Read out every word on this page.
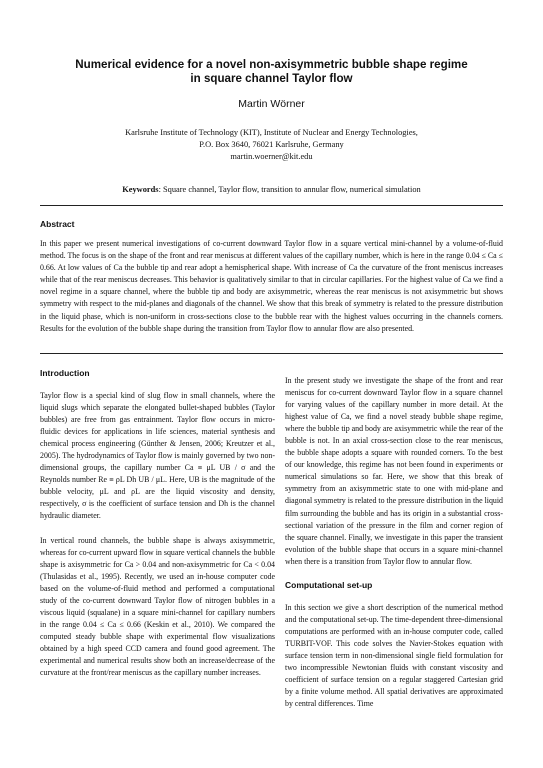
Numerical evidence for a novel non-axisymmetric bubble shape regime
in square channel Taylor flow
Martin Wörner
Karlsruhe Institute of Technology (KIT), Institute of Nuclear and Energy Technologies,
P.O. Box 3640, 76021 Karlsruhe, Germany
martin.woerner@kit.edu
Keywords: Square channel, Taylor flow, transition to annular flow, numerical simulation
Abstract

In this paper we present numerical investigations of co-current downward Taylor flow in a square vertical mini-channel by a volume-of-fluid method. The focus is on the shape of the front and rear meniscus at different values of the capillary number, which is here in the range 0.04 ≤ Ca ≤ 0.66. At low values of Ca the bubble tip and rear adopt a hemispherical shape. With increase of Ca the curvature of the front meniscus increases while that of the rear meniscus decreases. This behavior is qualitatively similar to that in circular capillaries. For the highest value of Ca we find a novel regime in a square channel, where the bubble tip and body are axisymmetric, whereas the rear meniscus is not axisymmetric but shows symmetry with respect to the mid-planes and diagonals of the channel. We show that this break of symmetry is related to the pressure distribution in the liquid phase, which is non-uniform in cross-sections close to the bubble rear with the highest values occurring in the channels corners. Results for the evolution of the bubble shape during the transition from Taylor flow to annular flow are also presented.

Introduction

Taylor flow is a special kind of slug flow in small channels, where the liquid slugs which separate the elongated bullet-shaped bubbles (Taylor bubbles) are free from gas entrainment. Taylor flow occurs in micro-fluidic devices for applications in life sciences, material synthesis and chemical process engineering (Günther & Jensen, 2006; Kreutzer et al., 2005). The hydrodynamics of Taylor flow is mainly governed by two non-dimensional groups, the capillary number Ca ≡ μL UB / σ and the Reynolds number Re ≡ ρL Dh UB / μL. Here, UB is the magnitude of the bubble velocity, μL and ρL are the liquid viscosity and density, respectively, σ is the coefficient of surface tension and Dh is the channel hydraulic diameter.

In vertical round channels, the bubble shape is always axisymmetric, whereas for co-current upward flow in square vertical channels the bubble shape is axisymmetric for Ca > 0.04 and non-axisymmetric for Ca < 0.04 (Thulasidas et al., 1995). Recently, we used an in-house computer code based on the volume-of-fluid method and performed a computational study of the co-current downward Taylor flow of nitrogen bubbles in a viscous liquid (squalane) in a square mini-channel for capillary numbers in the range 0.04 ≤ Ca ≤ 0.66 (Keskin et al., 2010). We compared the computed steady bubble shape with experimental flow visualizations obtained by a high speed CCD camera and found good agreement. The experimental and numerical results show both an increase/decrease of the curvature at the front/rear meniscus as the capillary number increases.

In the present study we investigate the shape of the front and rear meniscus for co-current downward Taylor flow in a square channel for varying values of the capillary number in more detail. At the highest value of Ca, we find a novel steady bubble shape regime, where the bubble tip and body are axisymmetric while the rear of the bubble is not. In an axial cross-section close to the rear meniscus, the bubble shape adopts a square with rounded corners. To the best of our knowledge, this regime has not been found in experiments or numerical simulations so far. Here, we show that this break of symmetry from an axisymmetric state to one with mid-plane and diagonal symmetry is related to the pressure distribution in the liquid film surrounding the bubble and has its origin in a substantial cross-sectional variation of the pressure in the film and corner region of the square channel. Finally, we investigate in this paper the transient evolution of the bubble shape that occurs in a square mini-channel when there is a transition from Taylor flow to annular flow.

Computational set-up

In this section we give a short description of the numerical method and the computational set-up. The time-dependent three-dimensional computations are performed with an in-house computer code, called TURBIT-VOF. This code solves the Navier-Stokes equation with surface tension term in non-dimensional single field formulation for two incompressible Newtonian fluids with constant viscosity and coefficient of surface tension on a regular staggered Cartesian grid by a finite volume method. All spatial derivatives are approximated by central differences. Time
